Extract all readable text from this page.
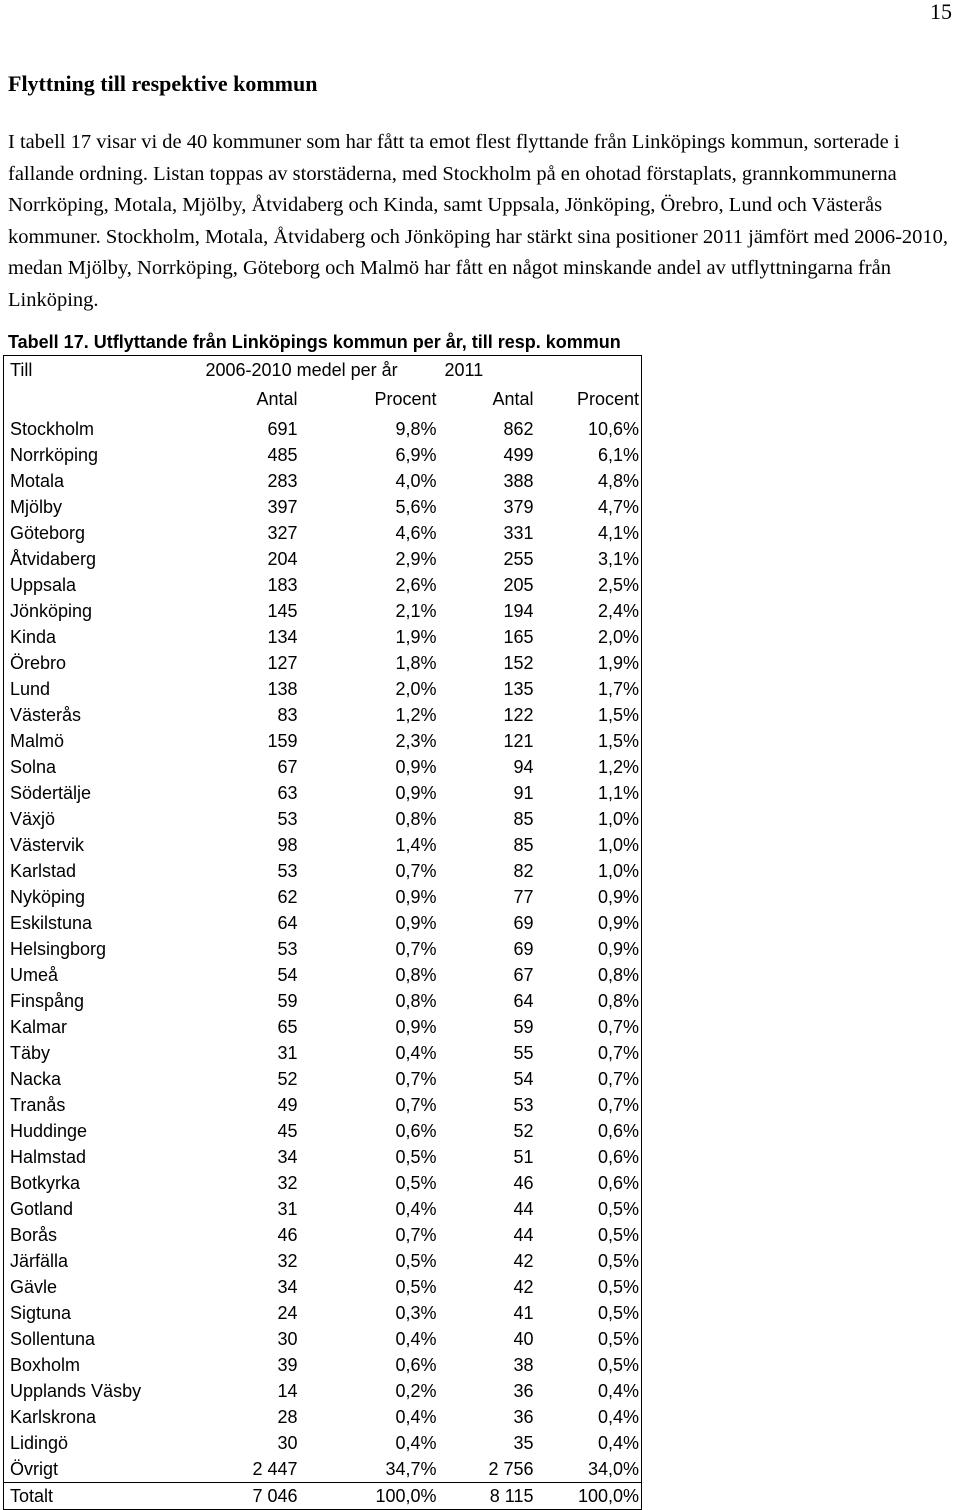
15
Flyttning till respektive kommun

I tabell 17 visar vi de 40 kommuner som har fått ta emot flest flyttande från Linköpings kommun, sorterade i fallande ordning. Listan toppas av storstäderna, med Stockholm på en ohotad förstaplats, grannkommunerna Norrköping, Motala, Mjölby, Åtvidaberg och Kinda, samt Uppsala, Jönköping, Örebro, Lund och Västerås kommuner. Stockholm, Motala, Åtvidaberg och Jönköping har stärkt sina positioner 2011 jämfört med 2006-2010, medan Mjölby, Norrköping, Göteborg och Malmö har fått en något minskande andel av utflyttningarna från Linköping.

Tabell 17. Utflyttande från Linköpings kommun per år, till resp. kommun

Till	2006-2010 medel per år		2011	
	Antal	Procent	Antal	Procent
Stockholm	691	9,8%	862	10,6%
Norrköping	485	6,9%	499	6,1%
Motala	283	4,0%	388	4,8%
Mjölby	397	5,6%	379	4,7%
Göteborg	327	4,6%	331	4,1%
Åtvidaberg	204	2,9%	255	3,1%
Uppsala	183	2,6%	205	2,5%
Jönköping	145	2,1%	194	2,4%
Kinda	134	1,9%	165	2,0%
Örebro	127	1,8%	152	1,9%
Lund	138	2,0%	135	1,7%
Västerås	83	1,2%	122	1,5%
Malmö	159	2,3%	121	1,5%
Solna	67	0,9%	94	1,2%
Södertälje	63	0,9%	91	1,1%
Växjö	53	0,8%	85	1,0%
Västervik	98	1,4%	85	1,0%
Karlstad	53	0,7%	82	1,0%
Nyköping	62	0,9%	77	0,9%
Eskilstuna	64	0,9%	69	0,9%
Helsingborg	53	0,7%	69	0,9%
Umeå	54	0,8%	67	0,8%
Finspång	59	0,8%	64	0,8%
Kalmar	65	0,9%	59	0,7%
Täby	31	0,4%	55	0,7%
Nacka	52	0,7%	54	0,7%
Tranås	49	0,7%	53	0,7%
Huddinge	45	0,6%	52	0,6%
Halmstad	34	0,5%	51	0,6%
Botkyrka	32	0,5%	46	0,6%
Gotland	31	0,4%	44	0,5%
Borås	46	0,7%	44	0,5%
Järfälla	32	0,5%	42	0,5%
Gävle	34	0,5%	42	0,5%
Sigtuna	24	0,3%	41	0,5%
Sollentuna	30	0,4%	40	0,5%
Boxholm	39	0,6%	38	0,5%
Upplands Väsby	14	0,2%	36	0,4%
Karlskrona	28	0,4%	36	0,4%
Lidingö	30	0,4%	35	0,4%
Övrigt	2 447	34,7%	2 756	34,0%
Totalt	7 046	100,0%	8 115	100,0%
